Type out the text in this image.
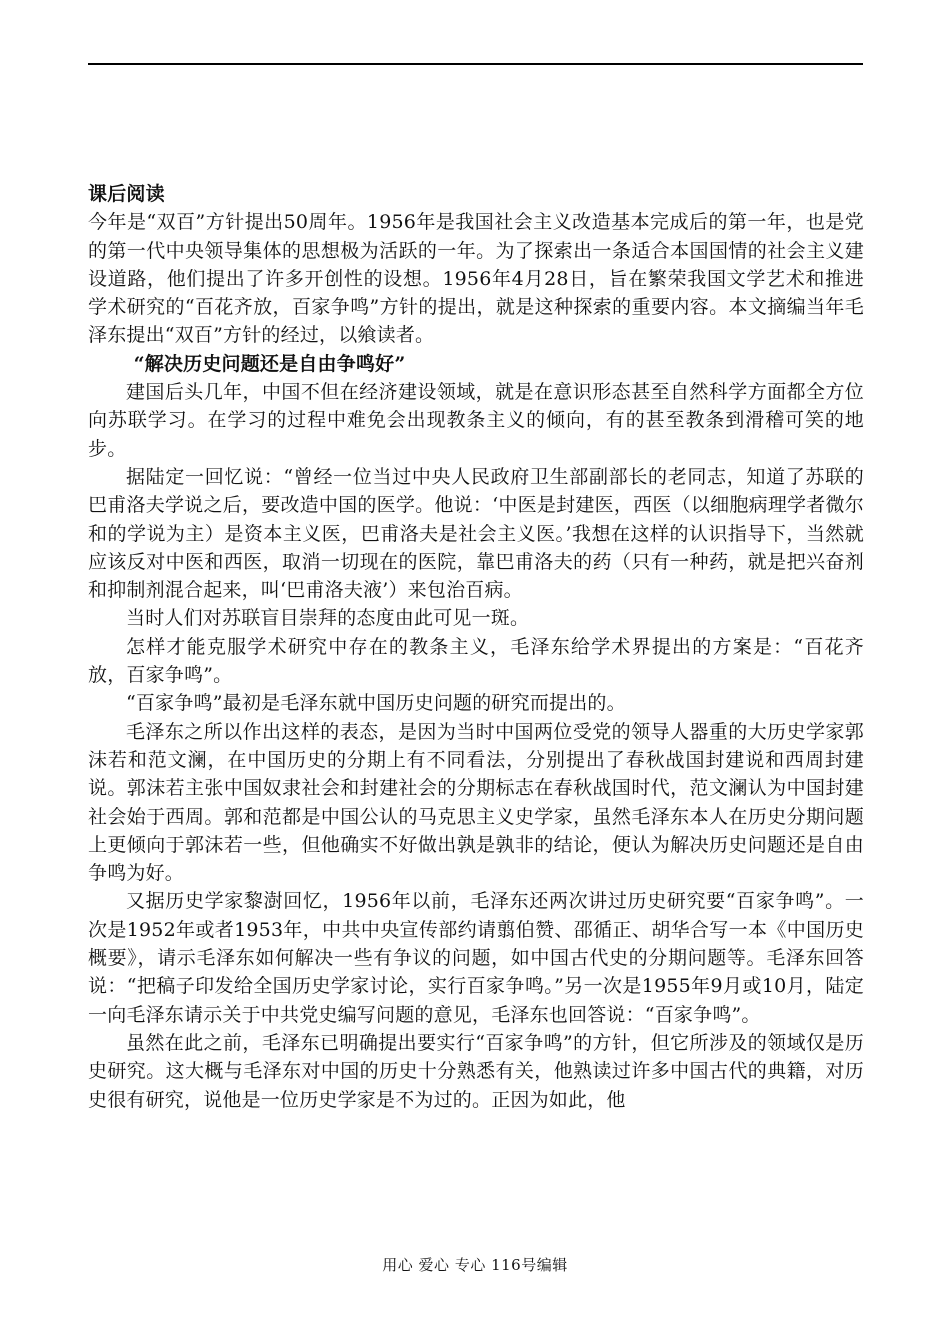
课后阅读

今年是“双百”方针提出50周年。1956年是我国社会主义改造基本完成后的第一年，也是党的第一代中央领导集体的思想极为活跃的一年。为了探索出一条适合本国国情的社会主义建设道路，他们提出了许多开创性的设想。1956年4月28日，旨在繁荣我国文学艺术和推进学术研究的“百花齐放，百家争鸣”方针的提出，就是这种探索的重要内容。本文摘编当年毛泽东提出“双百”方针的经过，以飨读者。

“解决历史问题还是自由争鸣好”

建国后头几年，中国不但在经济建设领域，就是在意识形态甚至自然科学方面都全方位向苏联学习。在学习的过程中难免会出现教条主义的倾向，有的甚至教条到滑稽可笑的地步。

据陆定一回忆说：“曾经一位当过中央人民政府卫生部副部长的老同志，知道了苏联的巴甫洛夫学说之后，要改造中国的医学。他说：‘中医是封建医，西医（以细胞病理学者微尔和的学说为主）是资本主义医，巴甫洛夫是社会主义医。’我想在这样的认识指导下，当然就应该反对中医和西医，取消一切现在的医院，靠巴甫洛夫的药（只有一种药，就是把兴奋剂和抑制剂混合起来，叫‘巴甫洛夫液’）来包治百病。

当时人们对苏联盲目崇拜的态度由此可见一斑。

怎样才能克服学术研究中存在的教条主义，毛泽东给学术界提出的方案是：“百花齐放，百家争鸣”。

“百家争鸣”最初是毛泽东就中国历史问题的研究而提出的。

毛泽东之所以作出这样的表态，是因为当时中国两位受党的领导人器重的大历史学家郭沫若和范文澜，在中国历史的分期上有不同看法，分别提出了春秋战国封建说和西周封建说。郭沫若主张中国奴隶社会和封建社会的分期标志在春秋战国时代，范文澜认为中国封建社会始于西周。郭和范都是中国公认的马克思主义史学家，虽然毛泽东本人在历史分期问题上更倾向于郭沫若一些，但他确实不好做出孰是孰非的结论，便认为解决历史问题还是自由争鸣为好。

又据历史学家黎澍回忆，1956年以前，毛泽东还两次讲过历史研究要“百家争鸣”。一次是1952年或者1953年，中共中央宣传部约请翦伯赞、邵循正、胡华合写一本《中国历史概要》，请示毛泽东如何解决一些有争议的问题，如中国古代史的分期问题等。毛泽东回答说：“把稿子印发给全国历史学家讨论，实行百家争鸣。”另一次是1955年9月或10月，陆定一向毛泽东请示关于中共党史编写问题的意见，毛泽东也回答说：“百家争鸣”。

虽然在此之前，毛泽东已明确提出要实行“百家争鸣”的方针，但它所涉及的领域仅是历史研究。这大概与毛泽东对中国的历史十分熟悉有关，他熟读过许多中国古代的典籍，对历史很有研究，说他是一位历史学家是不为过的。正因为如此，他

用心 爱心 专心 116号编辑
